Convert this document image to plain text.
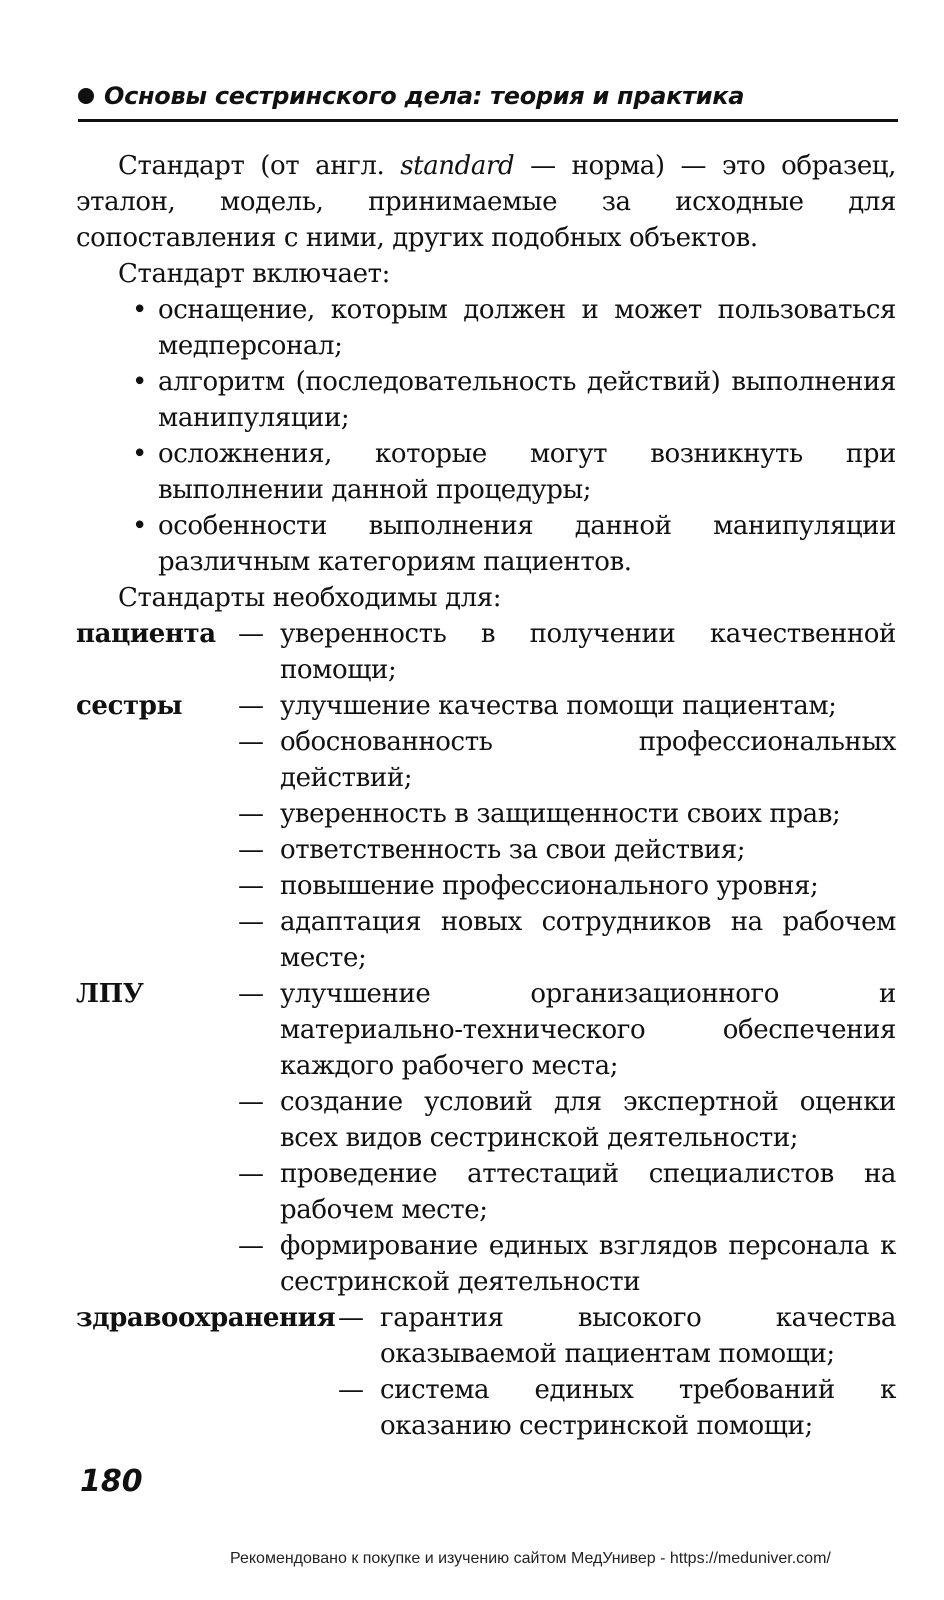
Основы сестринского дела: теория и практика

Стандарт (от англ. standard — норма) — это образец, эталон, модель, принимаемые за исходные для сопоставления с ними, других подобных объектов.

Стандарт включает:

• оснащение, которым должен и может пользоваться медперсонал;
• алгоритм (последовательность действий) выполнения манипуляции;
• осложнения, которые могут возникнуть при выполнении данной процедуры;
• особенности выполнения данной манипуляции различным категориям пациентов.

Стандарты необходимы для:

пациента	— уверенность в получении качественной помощи;
сестры	— улучшение качества помощи пациентам;
— обоснованность профессиональных действий;
— уверенность в защищенности своих прав;
— ответственность за свои действия;
— повышение профессионального уровня;
— адаптация новых сотрудников на рабочем месте;
ЛПУ	— улучшение организационного и материально-технического обеспечения каждого рабочего места;
— создание условий для экспертной оценки всех видов сестринской деятельности;
— проведение аттестаций специалистов на рабочем месте;
— формирование единых взглядов персонала к сестринской деятельности
здравоохранения	— гарантия высокого качества оказываемой пациентам помощи;
— система единых требований к оказанию сестринской помощи;
180
Рекомендовано к покупке и изучению сайтом МедУнивер - https://meduniver.com/
